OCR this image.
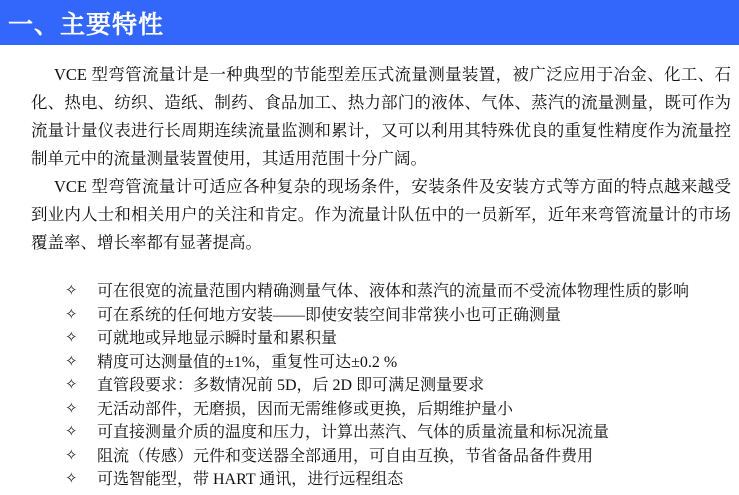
一、主要特性

VCE 型弯管流量计是一种典型的节能型差压式流量测量装置，被广泛应用于冶金、化工、石化、热电、纺织、造纸、制药、食品加工、热力部门的液体、气体、蒸汽的流量测量，既可作为流量计量仪表进行长周期连续流量监测和累计，又可以利用其特殊优良的重复性精度作为流量控制单元中的流量测量装置使用，其适用范围十分广阔。

VCE 型弯管流量计可适应各种复杂的现场条件，安装条件及安装方式等方面的特点越来越受到业内人士和相关用户的关注和肯定。作为流量计队伍中的一员新军，近年来弯管流量计的市场覆盖率、增长率都有显著提高。

✧	可在很宽的流量范围内精确测量气体、液体和蒸汽的流量而不受流体物理性质的影响
✧	可在系统的任何地方安装——即使安装空间非常狭小也可正确测量
✧	可就地或异地显示瞬时量和累积量
✧	精度可达测量值的±1%，重复性可达±0.2 %
✧	直管段要求：多数情况前 5D，后 2D 即可满足测量要求
✧	无活动部件，无磨损，因而无需维修或更换，后期维护量小
✧	可直接测量介质的温度和压力，计算出蒸汽、气体的质量流量和标况流量
✧	阻流（传感）元件和变送器全部通用，可自由互换，节省备品备件费用
✧	可选智能型，带 HART 通讯，进行远程组态
